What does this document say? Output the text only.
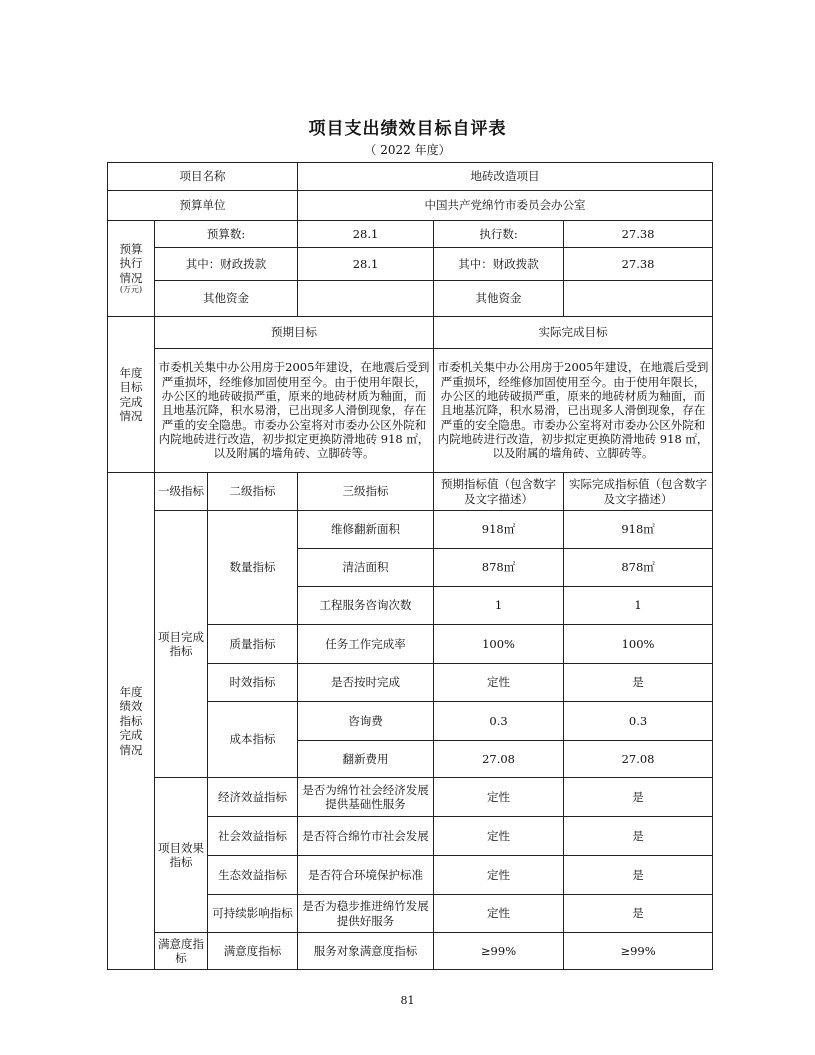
项目支出绩效目标自评表
（ 2022 年度）
项目名称			地砖改造项目		
预算单位			中国共产党绵竹市委员会办公室		
预算
执行
情况
(万元)	预算数:		28.1	执行数:	27.38
	其中：财政拨款		28.1	其中：财政拨款	27.38
	其他资金			其他资金	
年度
目标
完成
情况	预期目标			实际完成目标	
	市委机关集中办公用房于2005年建设，在地震后受到严重损坏，经维修加固使用至今。由于使用年限长，办公区的地砖破损严重，原来的地砖材质为釉面，而且地基沉降，积水易滑，已出现多人滑倒现象，存在严重的安全隐患。市委办公室将对市委办公区外院和内院地砖进行改造，初步拟定更换防滑地砖 918 ㎡，以及附属的墙角砖、立脚砖等。			市委机关集中办公用房于2005年建设，在地震后受到严重损坏，经维修加固使用至今。由于使用年限长，办公区的地砖破损严重，原来的地砖材质为釉面，而且地基沉降，积水易滑，已出现多人滑倒现象，存在严重的安全隐患。市委办公室将对市委办公区外院和内院地砖进行改造，初步拟定更换防滑地砖 918 ㎡，以及附属的墙角砖、立脚砖等。	
年度
绩效
指标
完成
情况	一级指标	二级指标	三级指标	预期指标值（包含数字及文字描述）	实际完成指标值（包含数字及文字描述）
	项目完成指标	数量指标	维修翻新面积	918㎡	918㎡
			清洁面积	878㎡	878㎡
			工程服务咨询次数	1	1
		质量指标	任务工作完成率	100%	100%
		时效指标	是否按时完成	定性	是
		成本指标	咨询费	0.3	0.3
			翻新费用	27.08	27.08
	项目效果指标	经济效益指标	是否为绵竹社会经济发展提供基础性服务	定性	是
		社会效益指标	是否符合绵竹市社会发展	定性	是
		生态效益指标	是否符合环境保护标准	定性	是
		可持续影响指标	是否为稳步推进绵竹发展提供好服务	定性	是
	满意度指标	满意度指标	服务对象满意度指标	≥99%	≥99%
81
